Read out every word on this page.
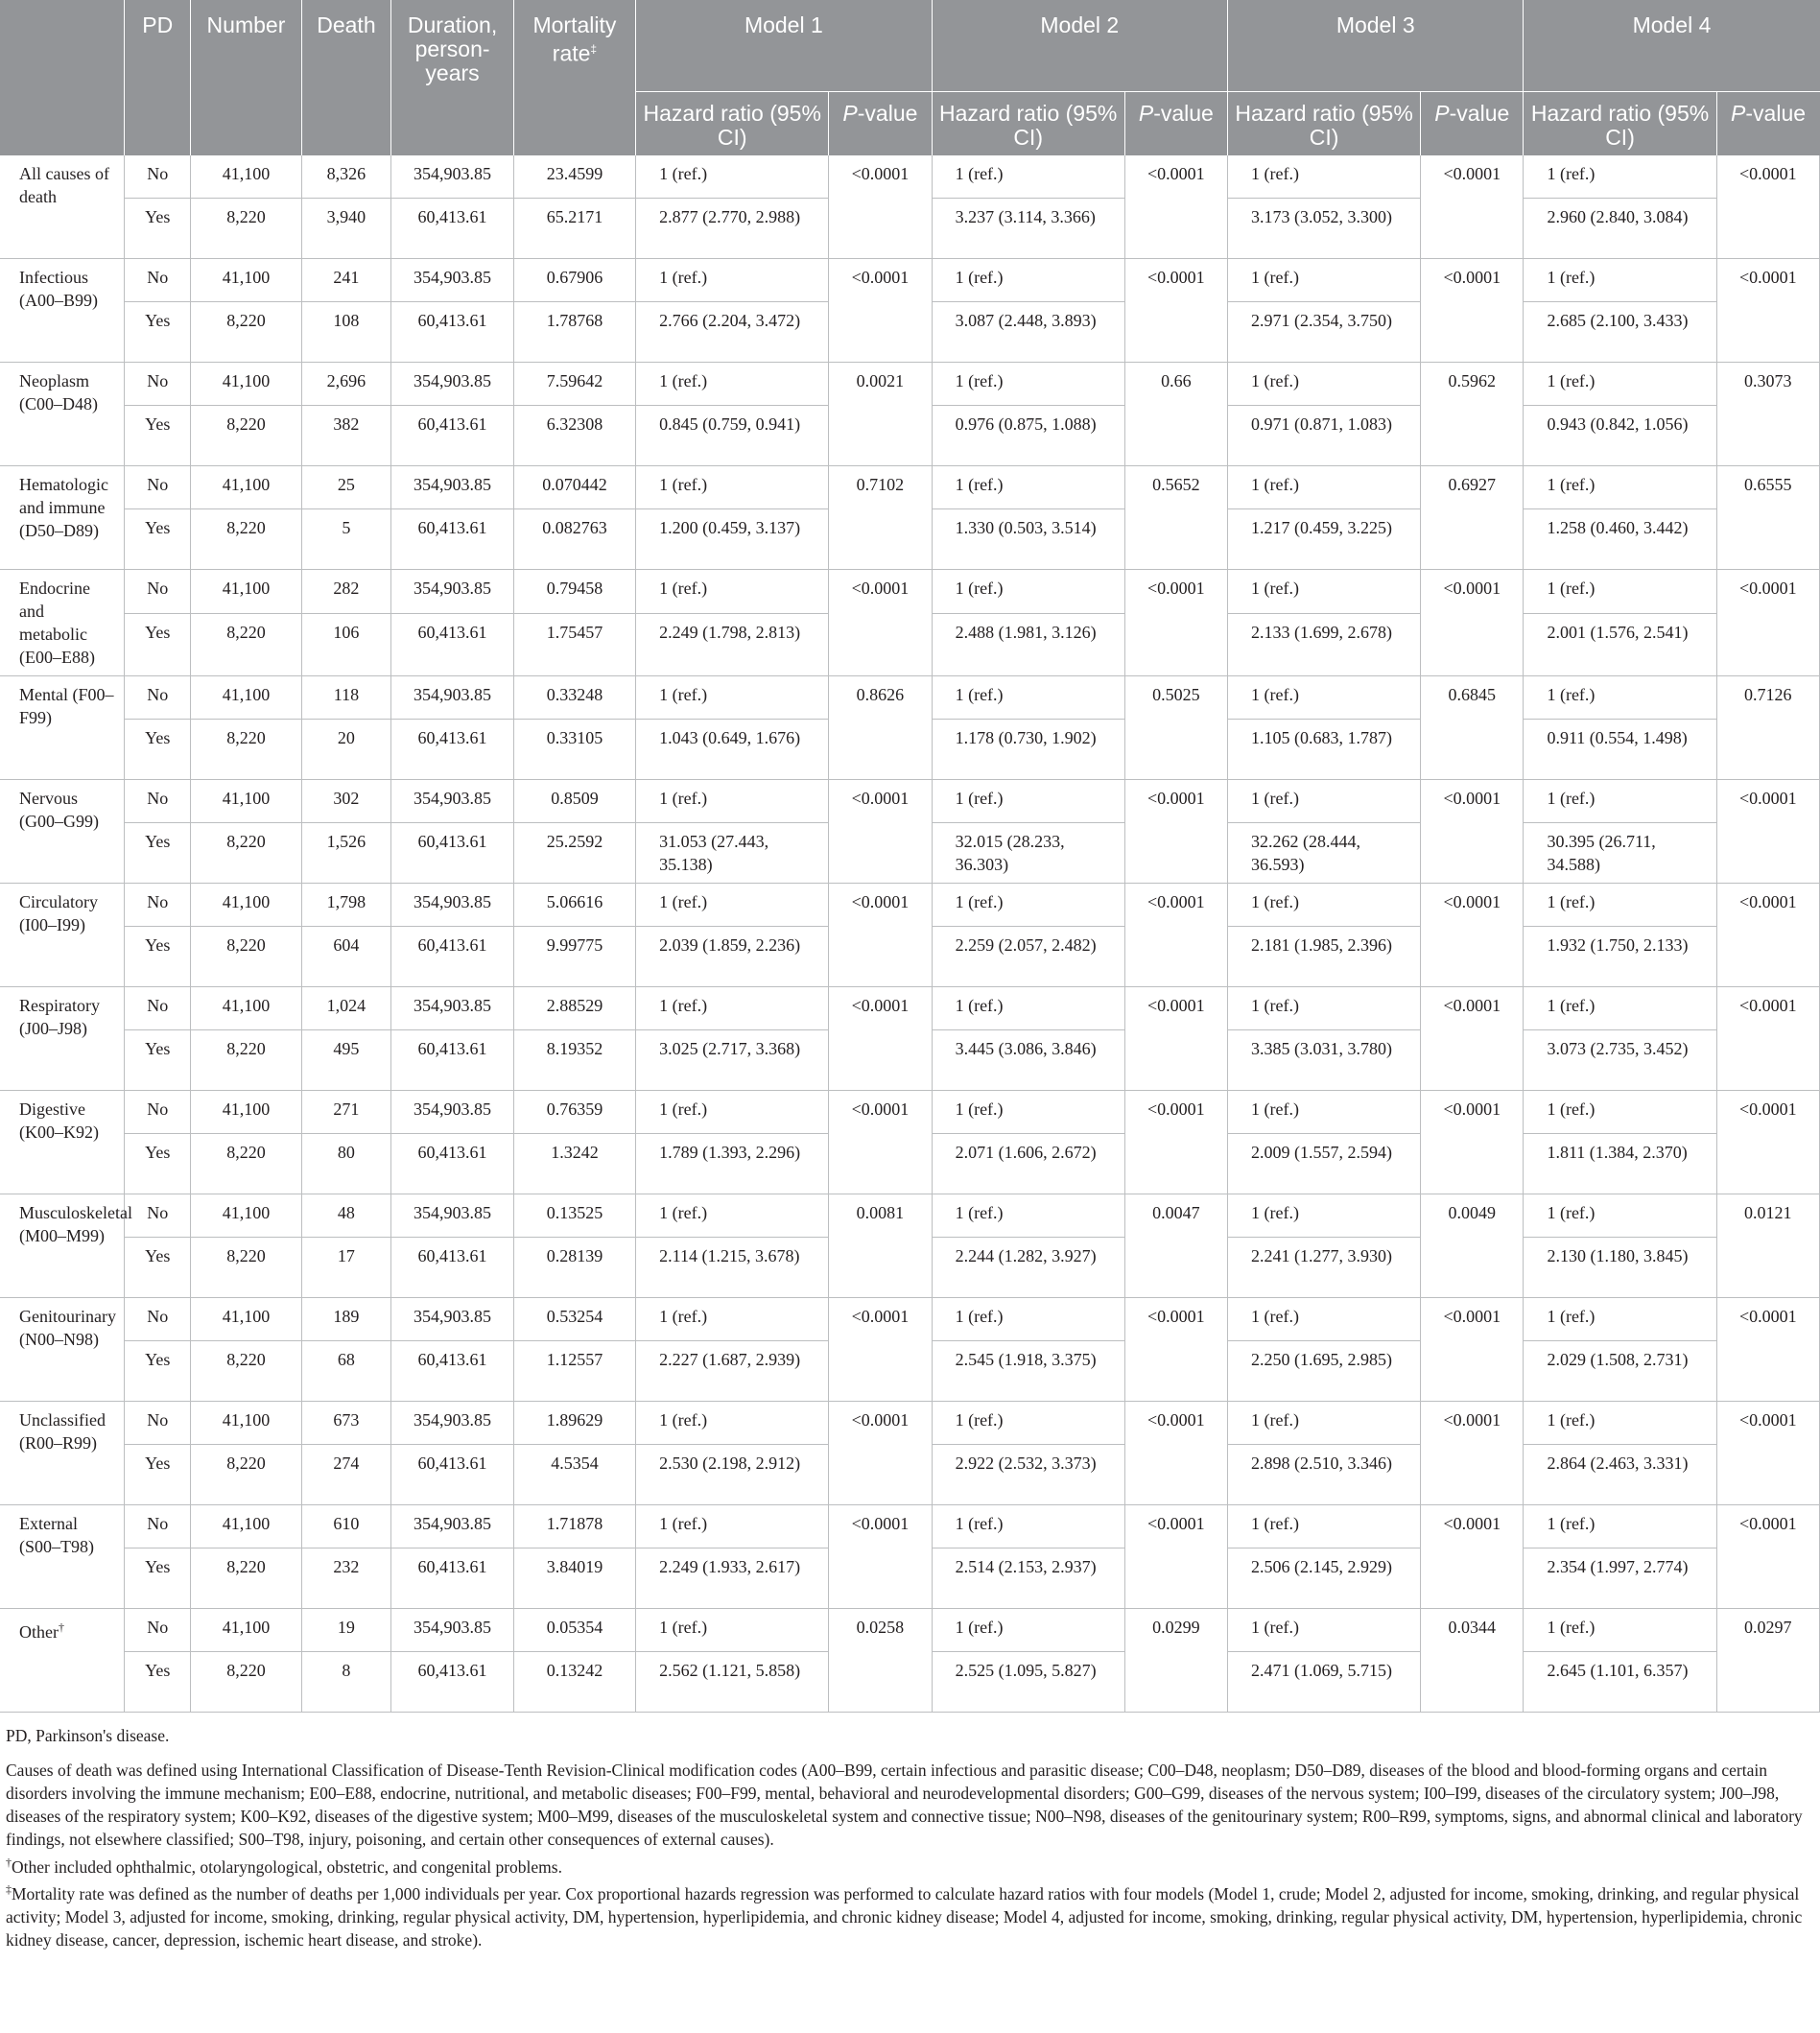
	PD	Number	Death	Duration, person-years	Mortality rate‡	Model 1		Model 2		Model 3		Model 4	
						Hazard ratio (95% CI)	P-value	Hazard ratio (95% CI)	P-value	Hazard ratio (95% CI)	P-value	Hazard ratio (95% CI)	P-value
All causes of death	No	41,100	8,326	354,903.85	23.4599	1 (ref.)	<0.0001	1 (ref.)	<0.0001	1 (ref.)	<0.0001	1 (ref.)	<0.0001
	Yes	8,220	3,940	60,413.61	65.2171	2.877 (2.770, 2.988)		3.237 (3.114, 3.366)		3.173 (3.052, 3.300)		2.960 (2.840, 3.084)	
Infectious (A00–B99)	No	41,100	241	354,903.85	0.67906	1 (ref.)	<0.0001	1 (ref.)	<0.0001	1 (ref.)	<0.0001	1 (ref.)	<0.0001
	Yes	8,220	108	60,413.61	1.78768	2.766 (2.204, 3.472)		3.087 (2.448, 3.893)		2.971 (2.354, 3.750)		2.685 (2.100, 3.433)	
Neoplasm (C00–D48)	No	41,100	2,696	354,903.85	7.59642	1 (ref.)	0.0021	1 (ref.)	0.66	1 (ref.)	0.5962	1 (ref.)	0.3073
	Yes	8,220	382	60,413.61	6.32308	0.845 (0.759, 0.941)		0.976 (0.875, 1.088)		0.971 (0.871, 1.083)		0.943 (0.842, 1.056)	
Hematologic and immune (D50–D89)	No	41,100	25	354,903.85	0.070442	1 (ref.)	0.7102	1 (ref.)	0.5652	1 (ref.)	0.6927	1 (ref.)	0.6555
	Yes	8,220	5	60,413.61	0.082763	1.200 (0.459, 3.137)		1.330 (0.503, 3.514)		1.217 (0.459, 3.225)		1.258 (0.460, 3.442)	
Endocrine and metabolic (E00–E88)	No	41,100	282	354,903.85	0.79458	1 (ref.)	<0.0001	1 (ref.)	<0.0001	1 (ref.)	<0.0001	1 (ref.)	<0.0001
	Yes	8,220	106	60,413.61	1.75457	2.249 (1.798, 2.813)		2.488 (1.981, 3.126)		2.133 (1.699, 2.678)		2.001 (1.576, 2.541)	
Mental (F00–F99)	No	41,100	118	354,903.85	0.33248	1 (ref.)	0.8626	1 (ref.)	0.5025	1 (ref.)	0.6845	1 (ref.)	0.7126
	Yes	8,220	20	60,413.61	0.33105	1.043 (0.649, 1.676)		1.178 (0.730, 1.902)		1.105 (0.683, 1.787)		0.911 (0.554, 1.498)	
Nervous (G00–G99)	No	41,100	302	354,903.85	0.8509	1 (ref.)	<0.0001	1 (ref.)	<0.0001	1 (ref.)	<0.0001	1 (ref.)	<0.0001
	Yes	8,220	1,526	60,413.61	25.2592	31.053 (27.443, 35.138)		32.015 (28.233, 36.303)		32.262 (28.444, 36.593)		30.395 (26.711, 34.588)	
Circulatory (I00–I99)	No	41,100	1,798	354,903.85	5.06616	1 (ref.)	<0.0001	1 (ref.)	<0.0001	1 (ref.)	<0.0001	1 (ref.)	<0.0001
	Yes	8,220	604	60,413.61	9.99775	2.039 (1.859, 2.236)		2.259 (2.057, 2.482)		2.181 (1.985, 2.396)		1.932 (1.750, 2.133)	
Respiratory (J00–J98)	No	41,100	1,024	354,903.85	2.88529	1 (ref.)	<0.0001	1 (ref.)	<0.0001	1 (ref.)	<0.0001	1 (ref.)	<0.0001
	Yes	8,220	495	60,413.61	8.19352	3.025 (2.717, 3.368)		3.445 (3.086, 3.846)		3.385 (3.031, 3.780)		3.073 (2.735, 3.452)	
Digestive (K00–K92)	No	41,100	271	354,903.85	0.76359	1 (ref.)	<0.0001	1 (ref.)	<0.0001	1 (ref.)	<0.0001	1 (ref.)	<0.0001
	Yes	8,220	80	60,413.61	1.3242	1.789 (1.393, 2.296)		2.071 (1.606, 2.672)		2.009 (1.557, 2.594)		1.811 (1.384, 2.370)	
Musculoskeletal (M00–M99)	No	41,100	48	354,903.85	0.13525	1 (ref.)	0.0081	1 (ref.)	0.0047	1 (ref.)	0.0049	1 (ref.)	0.0121
	Yes	8,220	17	60,413.61	0.28139	2.114 (1.215, 3.678)		2.244 (1.282, 3.927)		2.241 (1.277, 3.930)		2.130 (1.180, 3.845)	
Genitourinary (N00–N98)	No	41,100	189	354,903.85	0.53254	1 (ref.)	<0.0001	1 (ref.)	<0.0001	1 (ref.)	<0.0001	1 (ref.)	<0.0001
	Yes	8,220	68	60,413.61	1.12557	2.227 (1.687, 2.939)		2.545 (1.918, 3.375)		2.250 (1.695, 2.985)		2.029 (1.508, 2.731)	
Unclassified (R00–R99)	No	41,100	673	354,903.85	1.89629	1 (ref.)	<0.0001	1 (ref.)	<0.0001	1 (ref.)	<0.0001	1 (ref.)	<0.0001
	Yes	8,220	274	60,413.61	4.5354	2.530 (2.198, 2.912)		2.922 (2.532, 3.373)		2.898 (2.510, 3.346)		2.864 (2.463, 3.331)	
External (S00–T98)	No	41,100	610	354,903.85	1.71878	1 (ref.)	<0.0001	1 (ref.)	<0.0001	1 (ref.)	<0.0001	1 (ref.)	<0.0001
	Yes	8,220	232	60,413.61	3.84019	2.249 (1.933, 2.617)		2.514 (2.153, 2.937)		2.506 (2.145, 2.929)		2.354 (1.997, 2.774)	
Other†	No	41,100	19	354,903.85	0.05354	1 (ref.)	0.0258	1 (ref.)	0.0299	1 (ref.)	0.0344	1 (ref.)	0.0297
	Yes	8,220	8	60,413.61	0.13242	2.562 (1.121, 5.858)		2.525 (1.095, 5.827)		2.471 (1.069, 5.715)		2.645 (1.101, 6.357)	

PD, Parkinson's disease.

Causes of death was defined using International Classification of Disease-Tenth Revision-Clinical modification codes (A00–B99, certain infectious and parasitic disease; C00–D48, neoplasm; D50–D89, diseases of the blood and blood-forming organs and certain disorders involving the immune mechanism; E00–E88, endocrine, nutritional, and metabolic diseases; F00–F99, mental, behavioral and neurodevelopmental disorders; G00–G99, diseases of the nervous system; I00–I99, diseases of the circulatory system; J00–J98, diseases of the respiratory system; K00–K92, diseases of the digestive system; M00–M99, diseases of the musculoskeletal system and connective tissue; N00–N98, diseases of the genitourinary system; R00–R99, symptoms, signs, and abnormal clinical and laboratory findings, not elsewhere classified; S00–T98, injury, poisoning, and certain other consequences of external causes).

†Other included ophthalmic, otolaryngological, obstetric, and congenital problems.

‡Mortality rate was defined as the number of deaths per 1,000 individuals per year. Cox proportional hazards regression was performed to calculate hazard ratios with four models (Model 1, crude; Model 2, adjusted for income, smoking, drinking, and regular physical activity; Model 3, adjusted for income, smoking, drinking, regular physical activity, DM, hypertension, hyperlipidemia, and chronic kidney disease; Model 4, adjusted for income, smoking, drinking, regular physical activity, DM, hypertension, hyperlipidemia, chronic kidney disease, cancer, depression, ischemic heart disease, and stroke).
